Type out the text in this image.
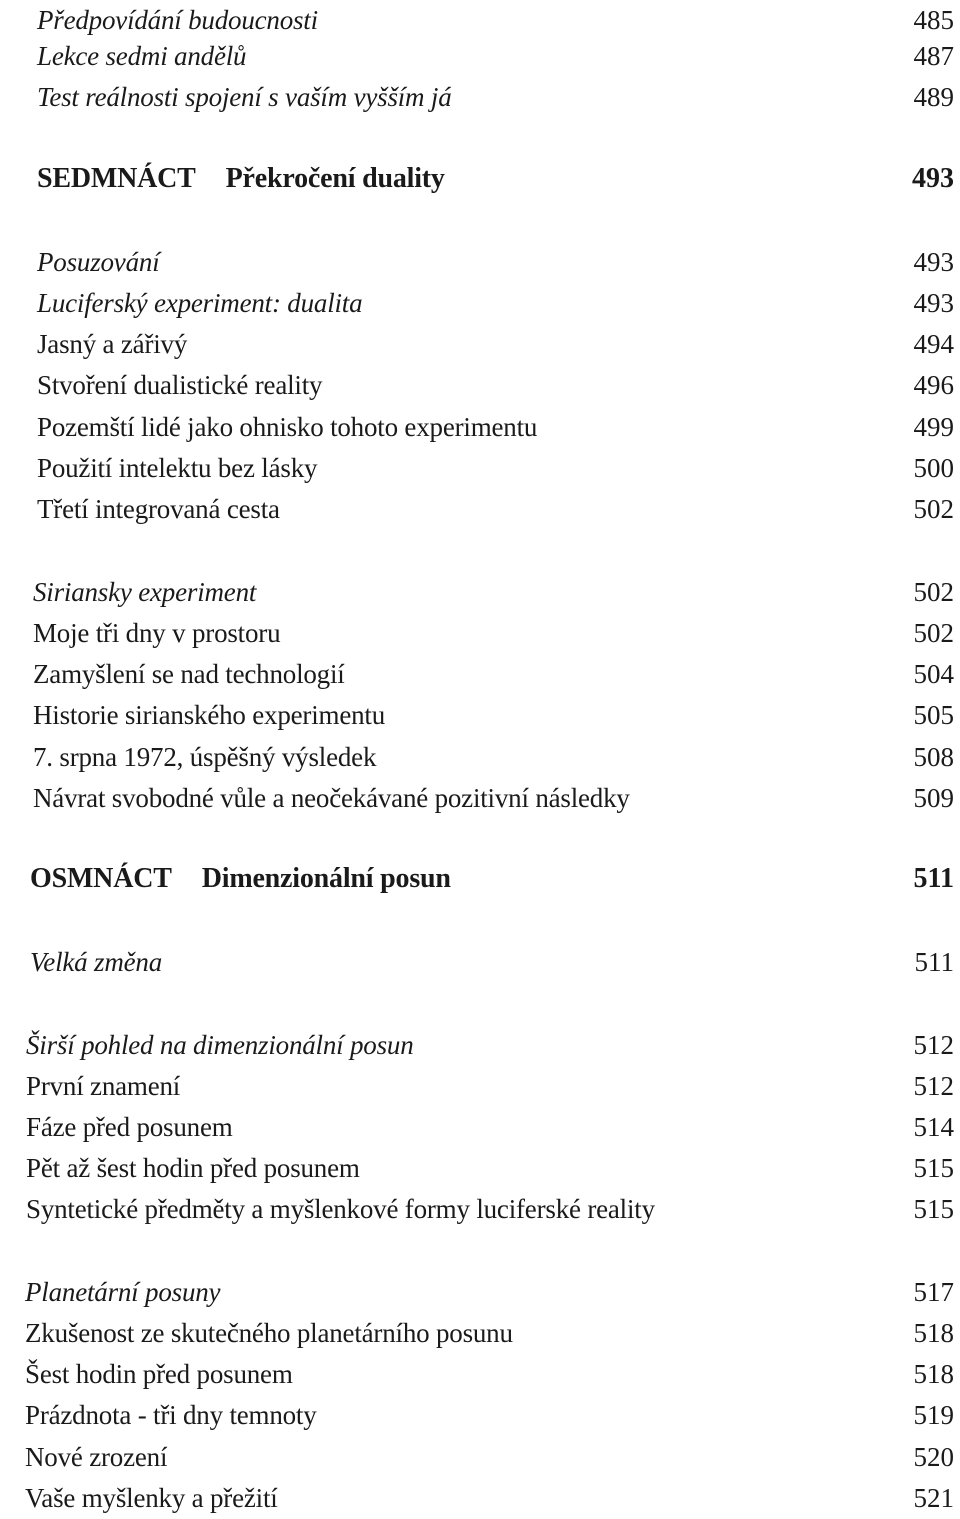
Předpovídání budoucnosti	485
Lekce sedmi andělů	487
Test reálnosti spojení s vaším vyšším já	489
SEDMNÁCT Překročení duality	493
Posuzování	493
Luciferský experiment: dualita	493
Jasný a zářivý	494
Stvoření dualistické reality	496
Pozemští lidé jako ohnisko tohoto experimentu	499
Použití intelektu bez lásky	500
Třetí integrovaná cesta	502
Siriansky experiment	502
Moje tři dny v prostoru	502
Zamyšlení se nad technologií	504
Historie sirianského experimentu	505
7. srpna 1972, úspěšný výsledek	508
Návrat svobodné vůle a neočekávané pozitivní následky	509
OSMNÁCT Dimenzionální posun	511
Velká změna	511
Širší pohled na dimenzionální posun	512
První znamení	512
Fáze před posunem	514
Pět až šest hodin před posunem	515
Syntetické předměty a myšlenkové formy luciferské reality	515
Planetární posuny	517
Zkušenost ze skutečného planetárního posunu	518
Šest hodin před posunem	518
Prázdnota - tři dny temnoty	519
Nové zrození	520
Vaše myšlenky a přežití	521
